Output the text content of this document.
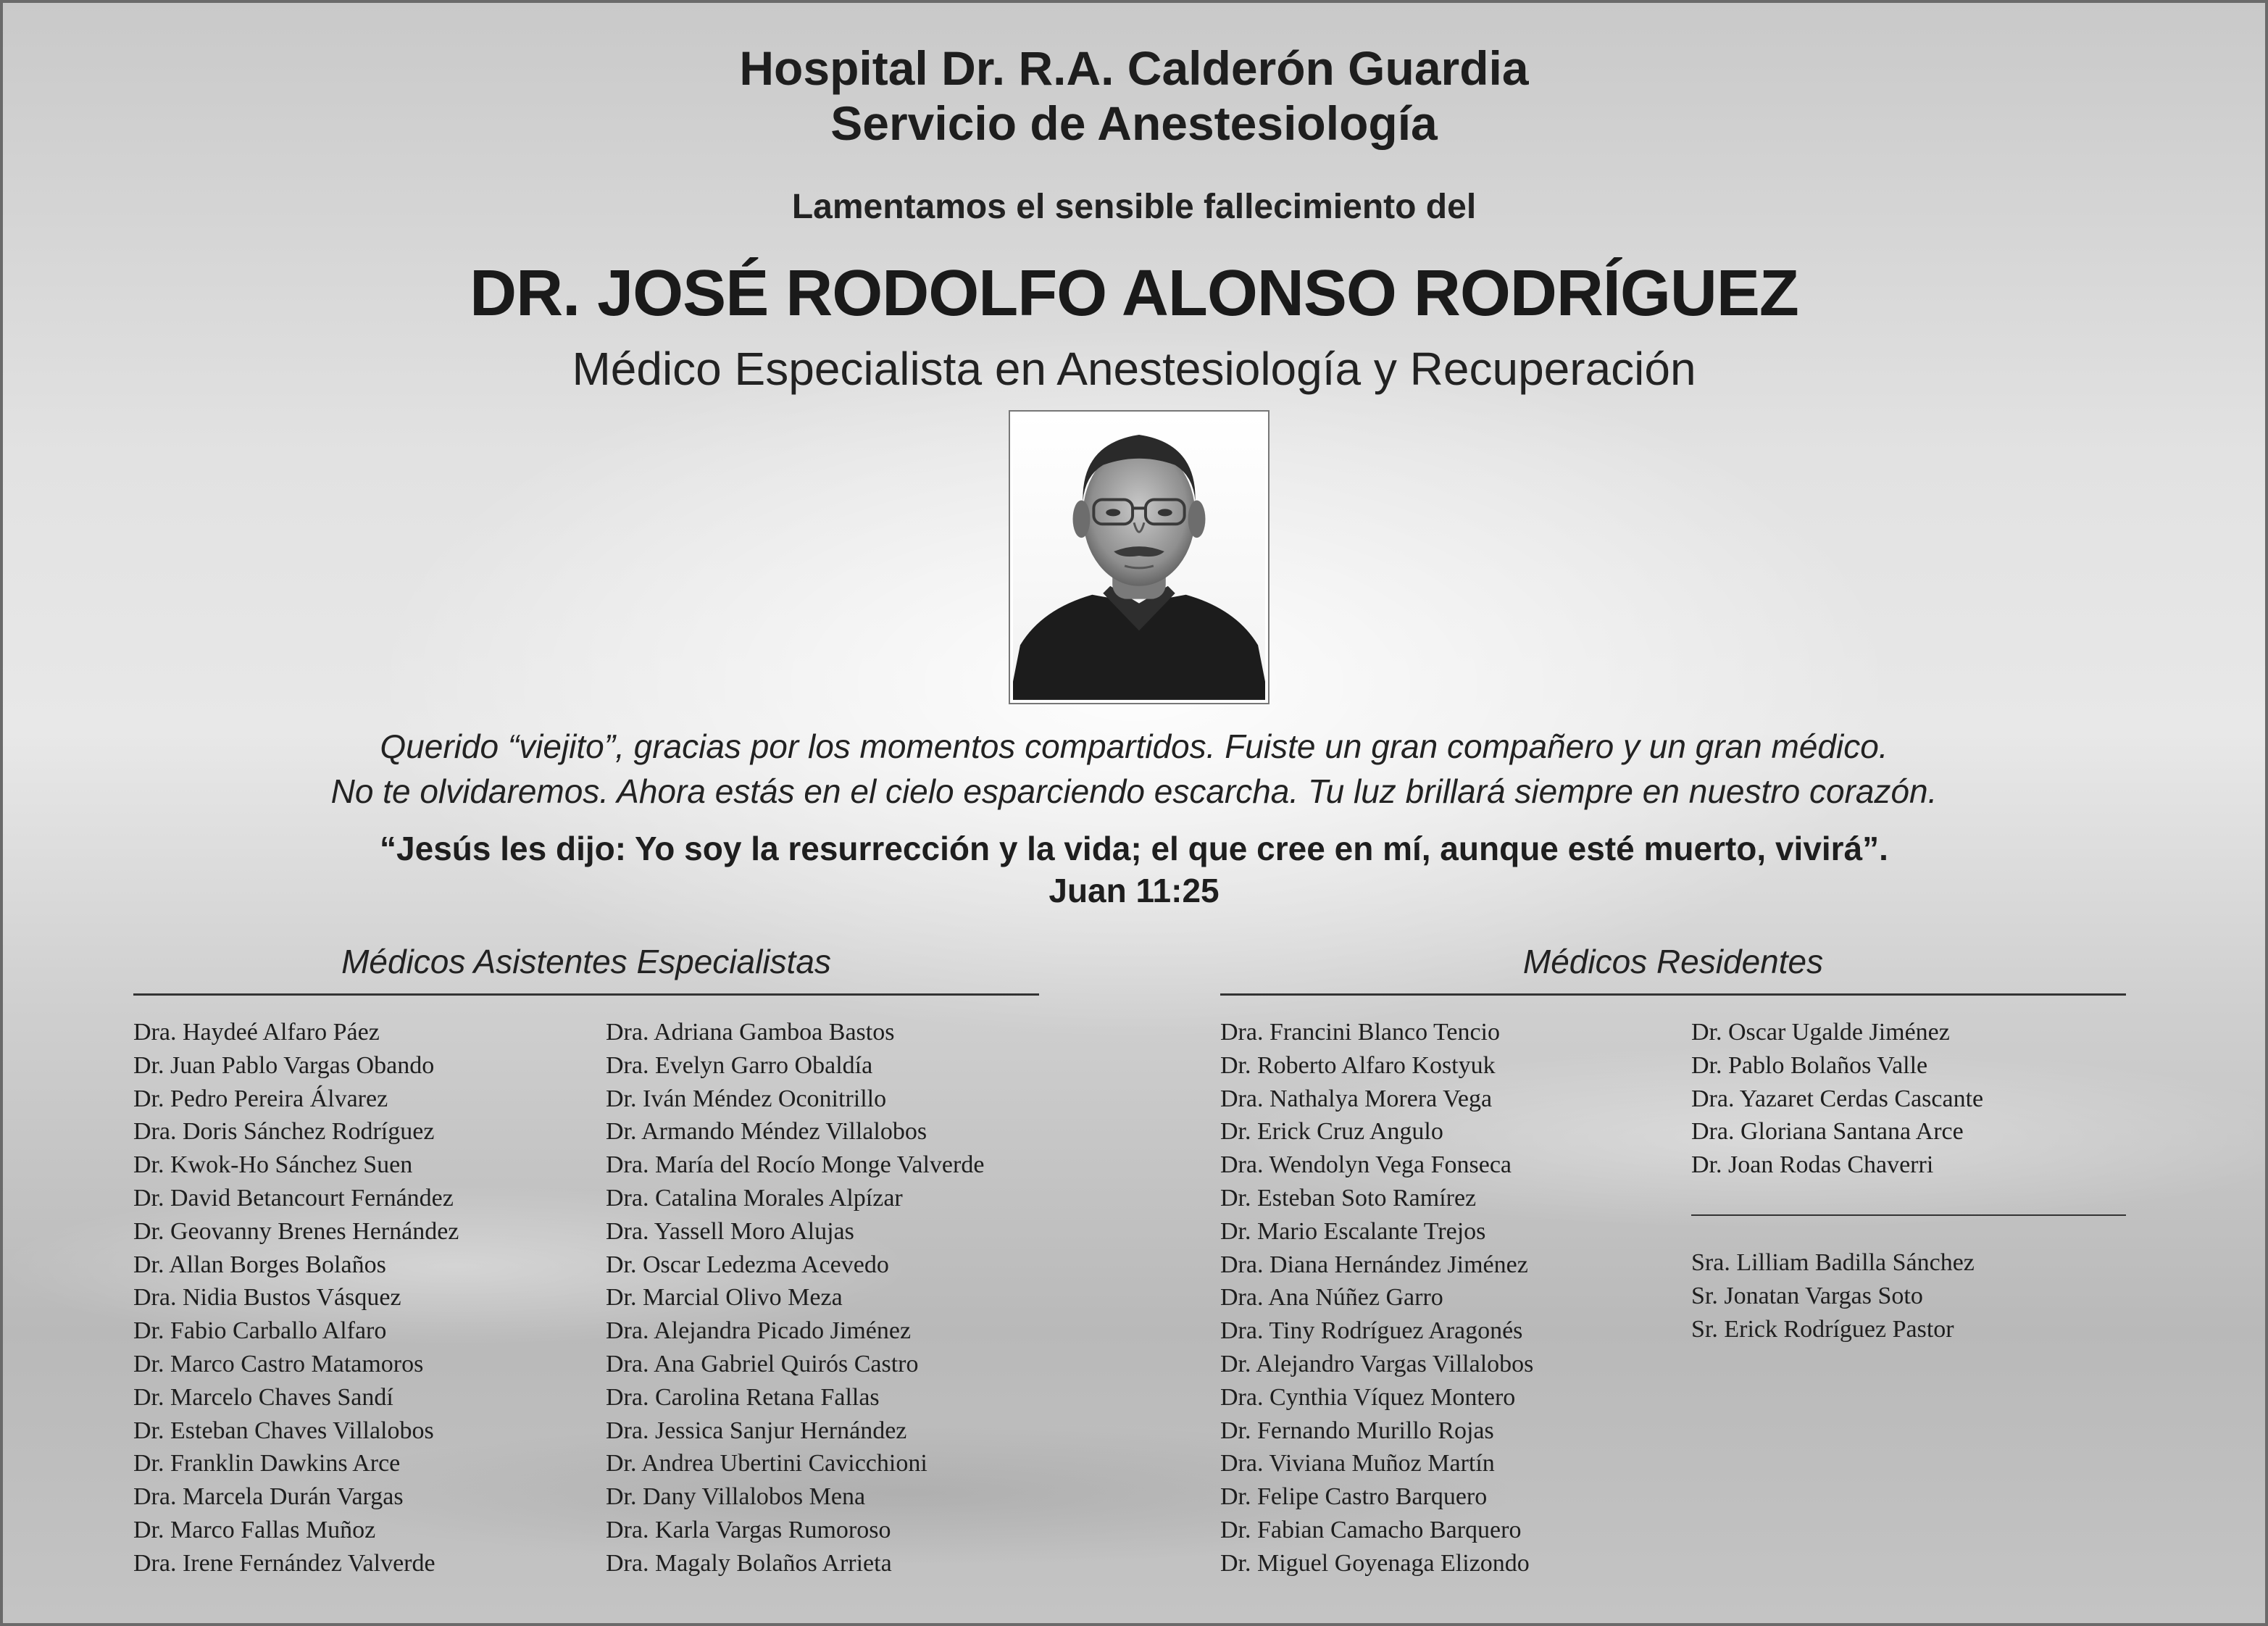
Hospital Dr. R.A. Calderón Guardia
Servicio de Anestesiología
Lamentamos el sensible fallecimiento del
DR. JOSÉ RODOLFO ALONSO RODRÍGUEZ
Médico Especialista en Anestesiología y Recuperación
Querido “viejito”, gracias por los momentos compartidos. Fuiste un gran compañero y un gran médico.
No te olvidaremos. Ahora estás en el cielo esparciendo escarcha. Tu luz brillará siempre en nuestro corazón.
“Jesús les dijo: Yo soy la resurrección y la vida; el que cree en mí, aunque esté muerto, vivirá”.
Juan 11:25
Médicos Asistentes Especialistas
Dra. Haydeé Alfaro Páez
Dr. Juan Pablo Vargas Obando
Dr. Pedro Pereira Álvarez
Dra. Doris Sánchez Rodríguez
Dr. Kwok-Ho Sánchez Suen
Dr. David Betancourt Fernández
Dr. Geovanny Brenes Hernández
Dr. Allan Borges Bolaños
Dra. Nidia Bustos Vásquez
Dr. Fabio Carballo Alfaro
Dr. Marco Castro Matamoros
Dr. Marcelo Chaves Sandí
Dr. Esteban Chaves Villalobos
Dr. Franklin Dawkins Arce
Dra. Marcela Durán Vargas
Dr. Marco Fallas Muñoz
Dra. Irene Fernández Valverde
Dra. Adriana Gamboa Bastos
Dra. Evelyn Garro Obaldía
Dr. Iván Méndez Oconitrillo
Dr. Armando Méndez Villalobos
Dra. María del Rocío Monge Valverde
Dra. Catalina Morales Alpízar
Dra. Yassell Moro Alujas
Dr. Oscar Ledezma Acevedo
Dr. Marcial Olivo Meza
Dra. Alejandra Picado Jiménez
Dra. Ana Gabriel Quirós Castro
Dra. Carolina Retana Fallas
Dra. Jessica Sanjur Hernández
Dr. Andrea Ubertini Cavicchioni
Dr. Dany Villalobos Mena
Dra. Karla Vargas Rumoroso
Dra. Magaly Bolaños Arrieta
Médicos Residentes
Dra. Francini Blanco Tencio
Dr. Roberto Alfaro Kostyuk
Dra. Nathalya Morera Vega
Dr. Erick Cruz Angulo
Dra. Wendolyn Vega Fonseca
Dr. Esteban Soto Ramírez
Dr. Mario Escalante Trejos
Dra. Diana Hernández Jiménez
Dra. Ana Núñez Garro
Dra. Tiny Rodríguez Aragonés
Dr. Alejandro Vargas Villalobos
Dra. Cynthia Víquez Montero
Dr. Fernando Murillo Rojas
Dra. Viviana Muñoz Martín
Dr. Felipe Castro Barquero
Dr. Fabian Camacho Barquero
Dr. Miguel Goyenaga Elizondo
Dr. Oscar Ugalde Jiménez
Dr. Pablo Bolaños Valle
Dra. Yazaret Cerdas Cascante
Dra. Gloriana Santana Arce
Dr. Joan Rodas Chaverri
Sra. Lilliam Badilla Sánchez
Sr. Jonatan Vargas Soto
Sr. Erick Rodríguez Pastor
